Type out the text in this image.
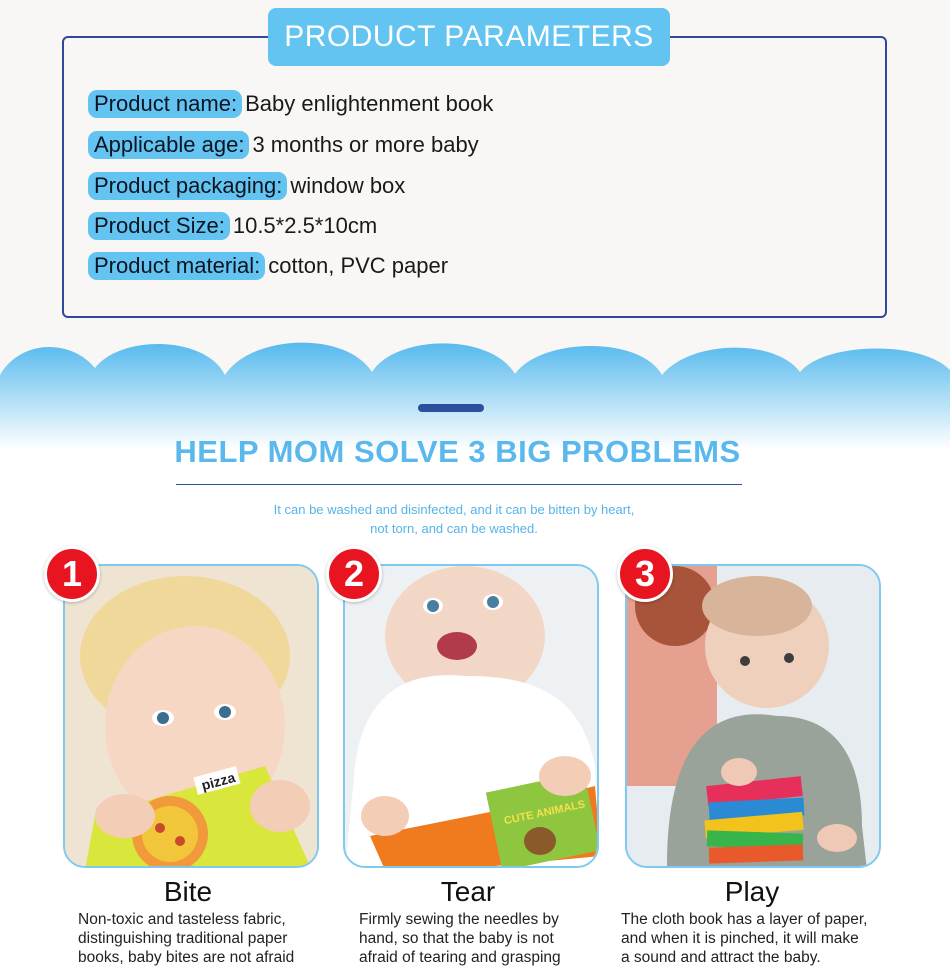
PRODUCT PARAMETERS
Product name: Baby enlightenment book
Applicable age: 3 months or more baby
Product packaging: window box
Product Size: 10.5*2.5*10cm
Product material: cotton, PVC paper
HELP MOM SOLVE 3 BIG PROBLEMS
It can be washed and disinfected, and it can be bitten by heart,
not torn, and can be washed.
pizza
1
Bite
Non-toxic and tasteless fabric,
distinguishing traditional paper
books, baby bites are not afraid
CUTE ANIMALS
2
Tear
Firmly sewing the needles by
hand, so that the baby is not
afraid of tearing and grasping
3
Play
The cloth book has a layer of paper,
and when it is pinched, it will make
a sound and attract the baby.
